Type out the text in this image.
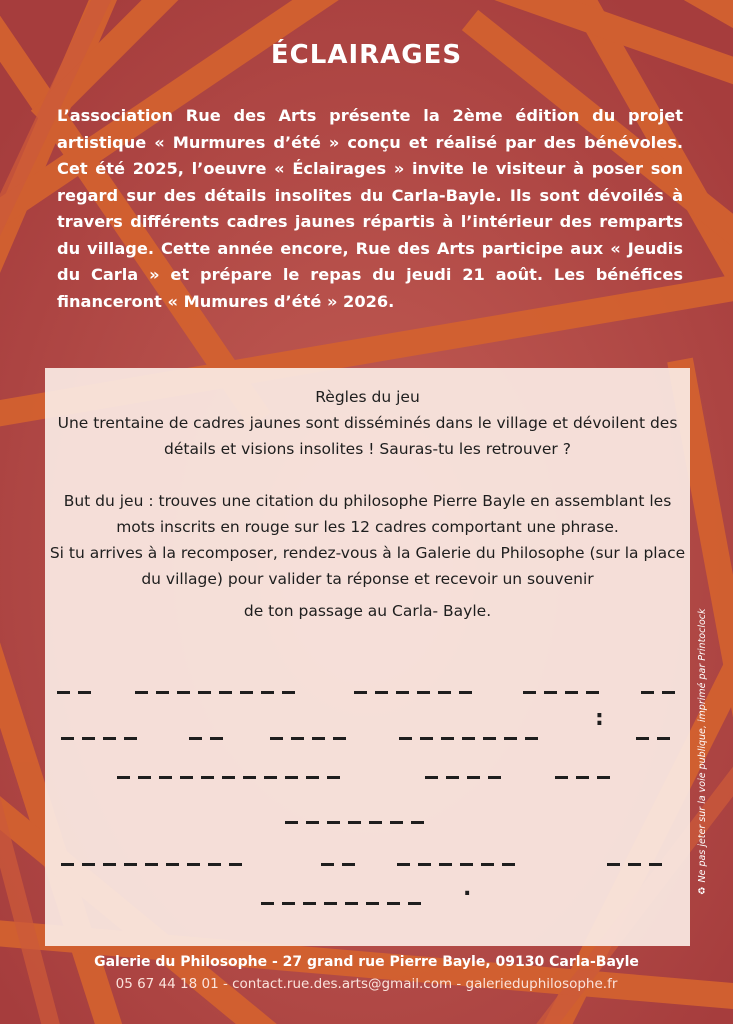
ÉCLAIRAGES
L’association Rue des Arts présente la 2ème édition du projet artistique « Murmures d’été » conçu et réalisé par des bénévoles. Cet été 2025, l’oeuvre « Éclairages » invite le visiteur à poser son regard sur des détails insolites du Carla-Bayle. Ils sont dévoilés à travers différents cadres jaunes répartis à l’intérieur des remparts du village. Cette année encore, Rue des Arts participe aux « Jeudis du Carla » et prépare le repas du jeudi 21 août. Les bénéfices financeront « Mumures d’été » 2026.

Règles du jeu

Une trentaine de cadres jaunes sont disséminés dans le village et dévoilent des détails et visions insolites ! Sauras-tu les retrouver ?

But du jeu : trouves une citation du philosophe Pierre Bayle en assemblant les mots inscrits en rouge sur les 12 cadres comportant une phrase.

Si tu arrives à la recomposer, rendez-vous à la Galerie du Philosophe (sur la place du village) pour valider ta réponse et recevoir un souvenir

de ton passage au Carla- Bayle.

:
.
Galerie du Philosophe - 27 grand rue Pierre Bayle, 09130 Carla-Bayle
05 67 44 18 01 - contact.rue.des.arts@gmail.com - galerieduphilosophe.fr
♻Ne pas jeter sur la voie publique, imprimé par Printoclock
